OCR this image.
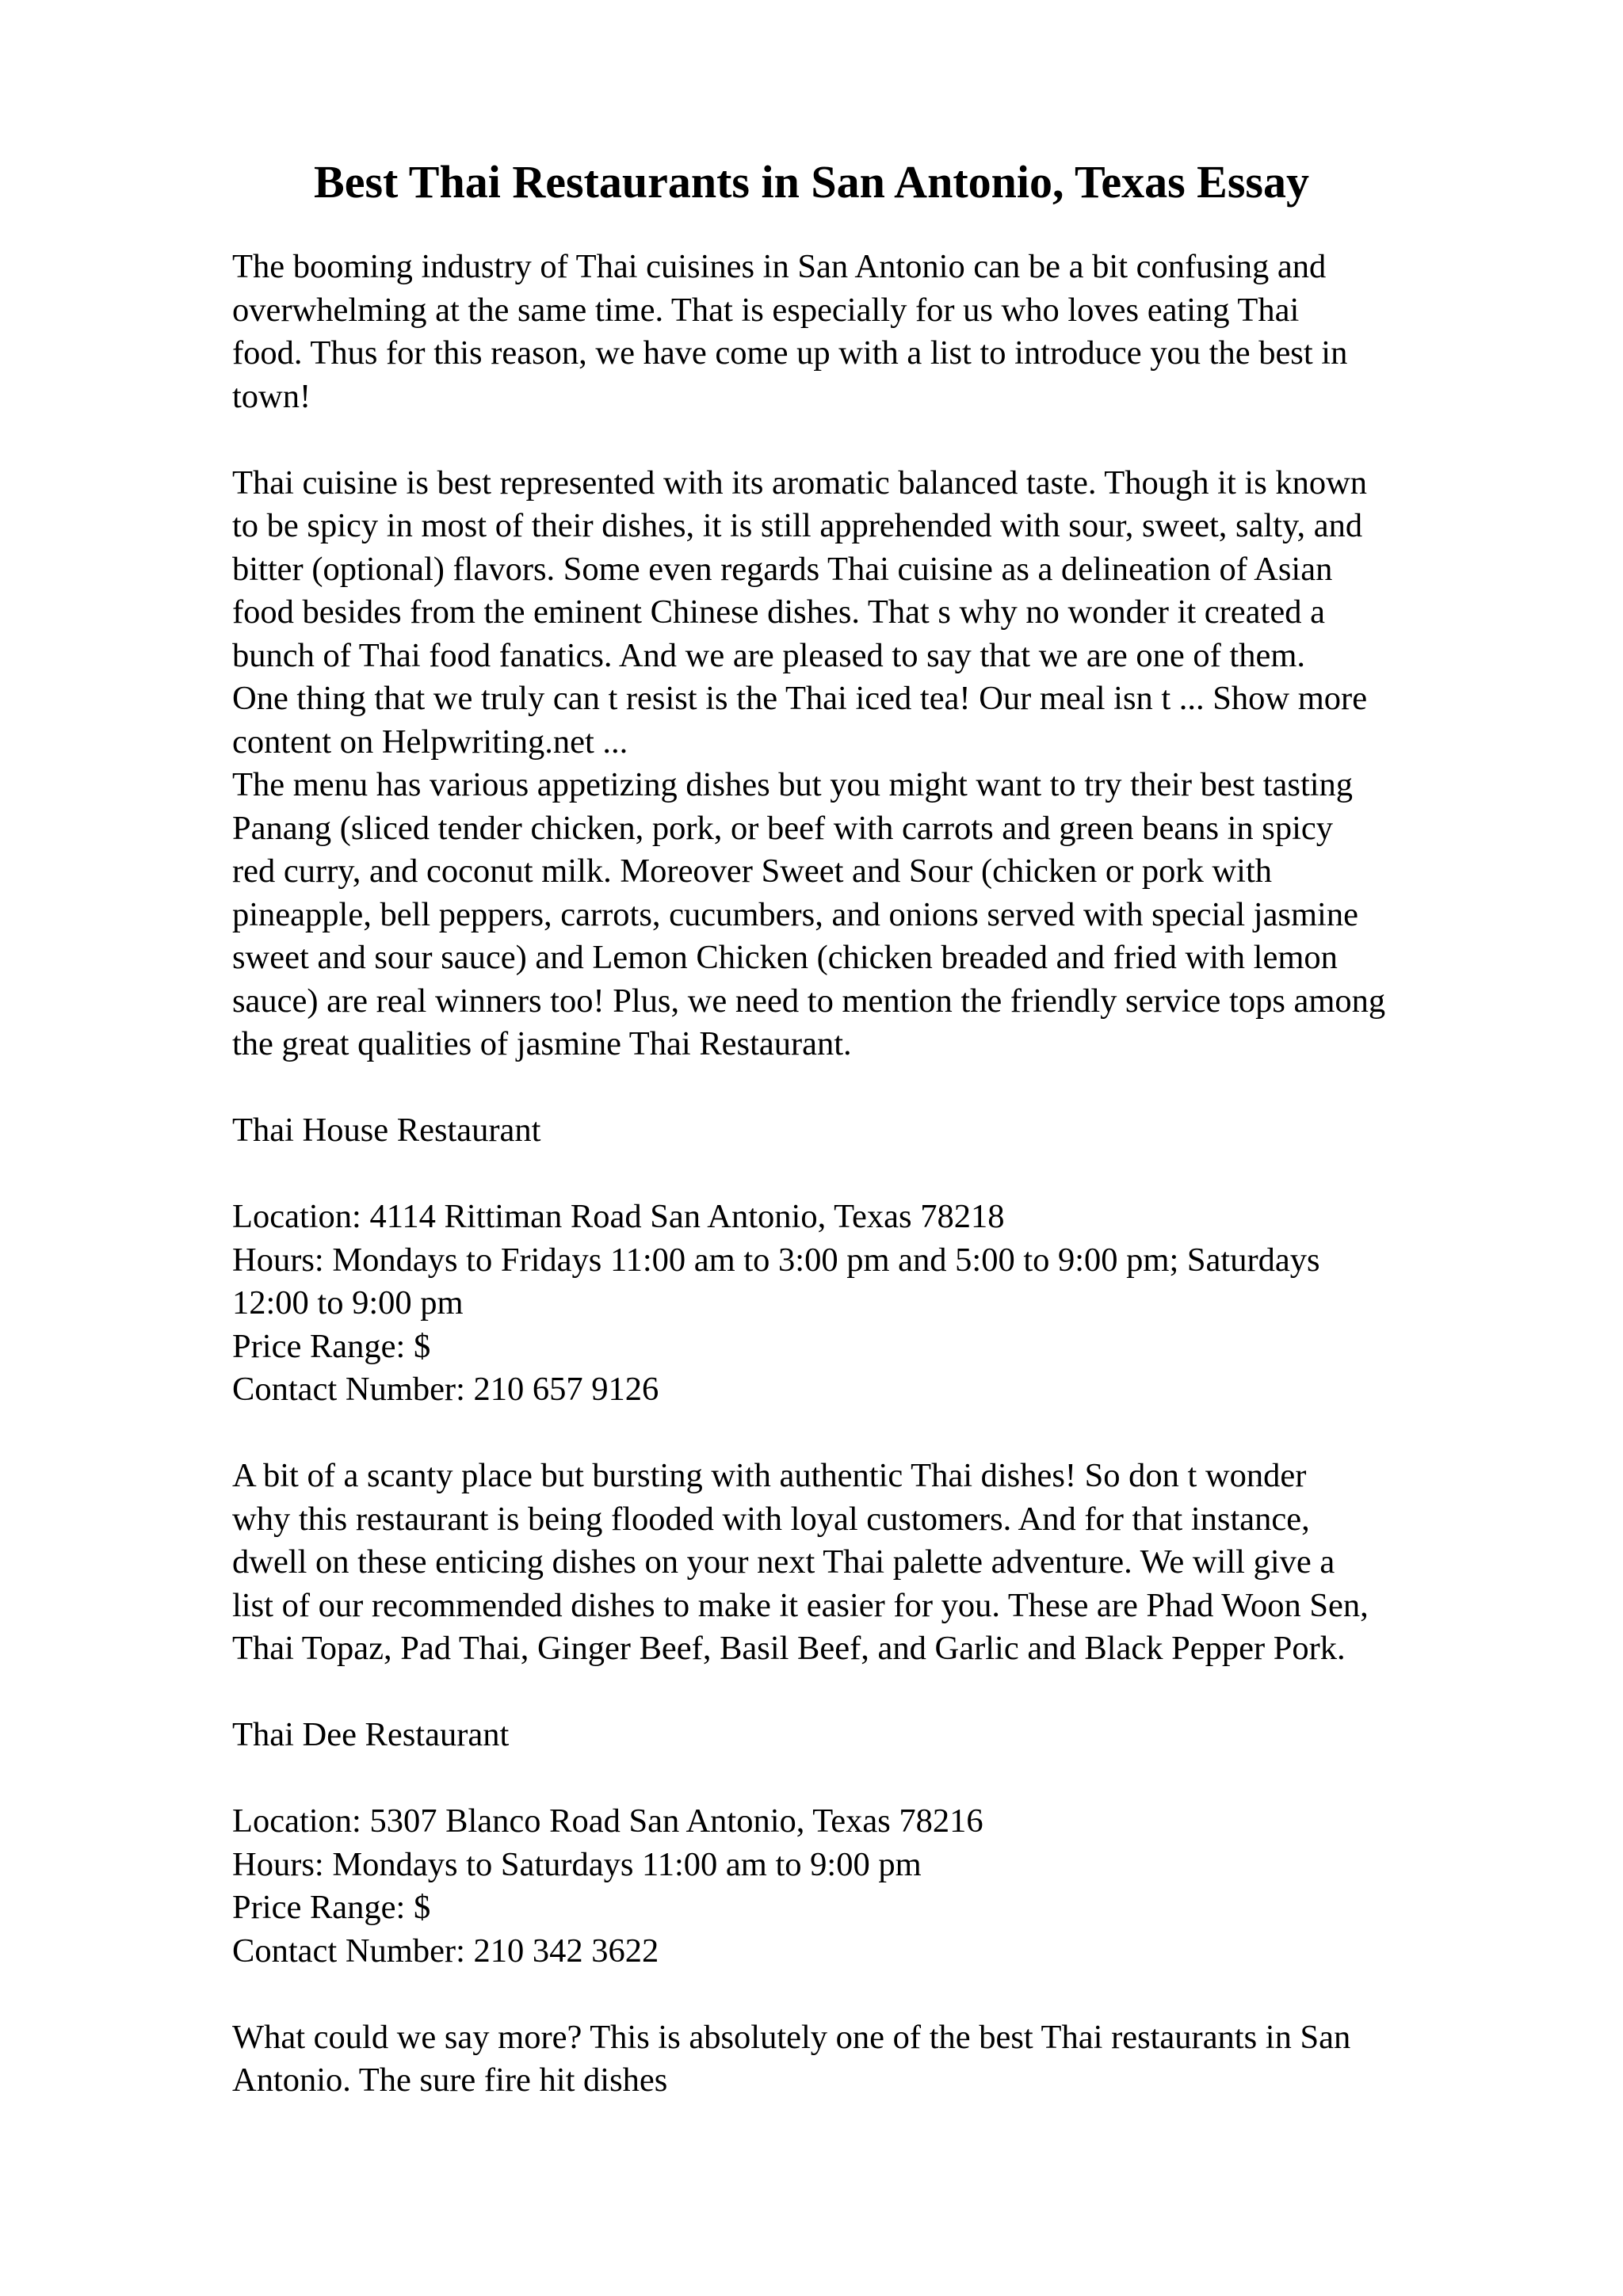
Best Thai Restaurants in San Antonio, Texas Essay
The booming industry of Thai cuisines in San Antonio can be a bit confusing and
overwhelming at the same time. That is especially for us who loves eating Thai
food. Thus for this reason, we have come up with a list to introduce you the best in
town!
Thai cuisine is best represented with its aromatic balanced taste. Though it is known
to be spicy in most of their dishes, it is still apprehended with sour, sweet, salty, and
bitter (optional) flavors. Some even regards Thai cuisine as a delineation of Asian
food besides from the eminent Chinese dishes. That s why no wonder it created a
bunch of Thai food fanatics. And we are pleased to say that we are one of them.
One thing that we truly can t resist is the Thai iced tea! Our meal isn t ... Show more
content on Helpwriting.net ...
The menu has various appetizing dishes but you might want to try their best tasting
Panang (sliced tender chicken, pork, or beef with carrots and green beans in spicy
red curry, and coconut milk. Moreover Sweet and Sour (chicken or pork with
pineapple, bell peppers, carrots, cucumbers, and onions served with special jasmine
sweet and sour sauce) and Lemon Chicken (chicken breaded and fried with lemon
sauce) are real winners too! Plus, we need to mention the friendly service tops among
the great qualities of jasmine Thai Restaurant.
Thai House Restaurant
Location: 4114 Rittiman Road San Antonio, Texas 78218
Hours: Mondays to Fridays 11:00 am to 3:00 pm and 5:00 to 9:00 pm; Saturdays
12:00 to 9:00 pm
Price Range: $
Contact Number: 210 657 9126
A bit of a scanty place but bursting with authentic Thai dishes! So don t wonder
why this restaurant is being flooded with loyal customers. And for that instance,
dwell on these enticing dishes on your next Thai palette adventure. We will give a
list of our recommended dishes to make it easier for you. These are Phad Woon Sen,
Thai Topaz, Pad Thai, Ginger Beef, Basil Beef, and Garlic and Black Pepper Pork.
Thai Dee Restaurant
Location: 5307 Blanco Road San Antonio, Texas 78216
Hours: Mondays to Saturdays 11:00 am to 9:00 pm
Price Range: $
Contact Number: 210 342 3622
What could we say more? This is absolutely one of the best Thai restaurants in San
Antonio. The sure fire hit dishes
